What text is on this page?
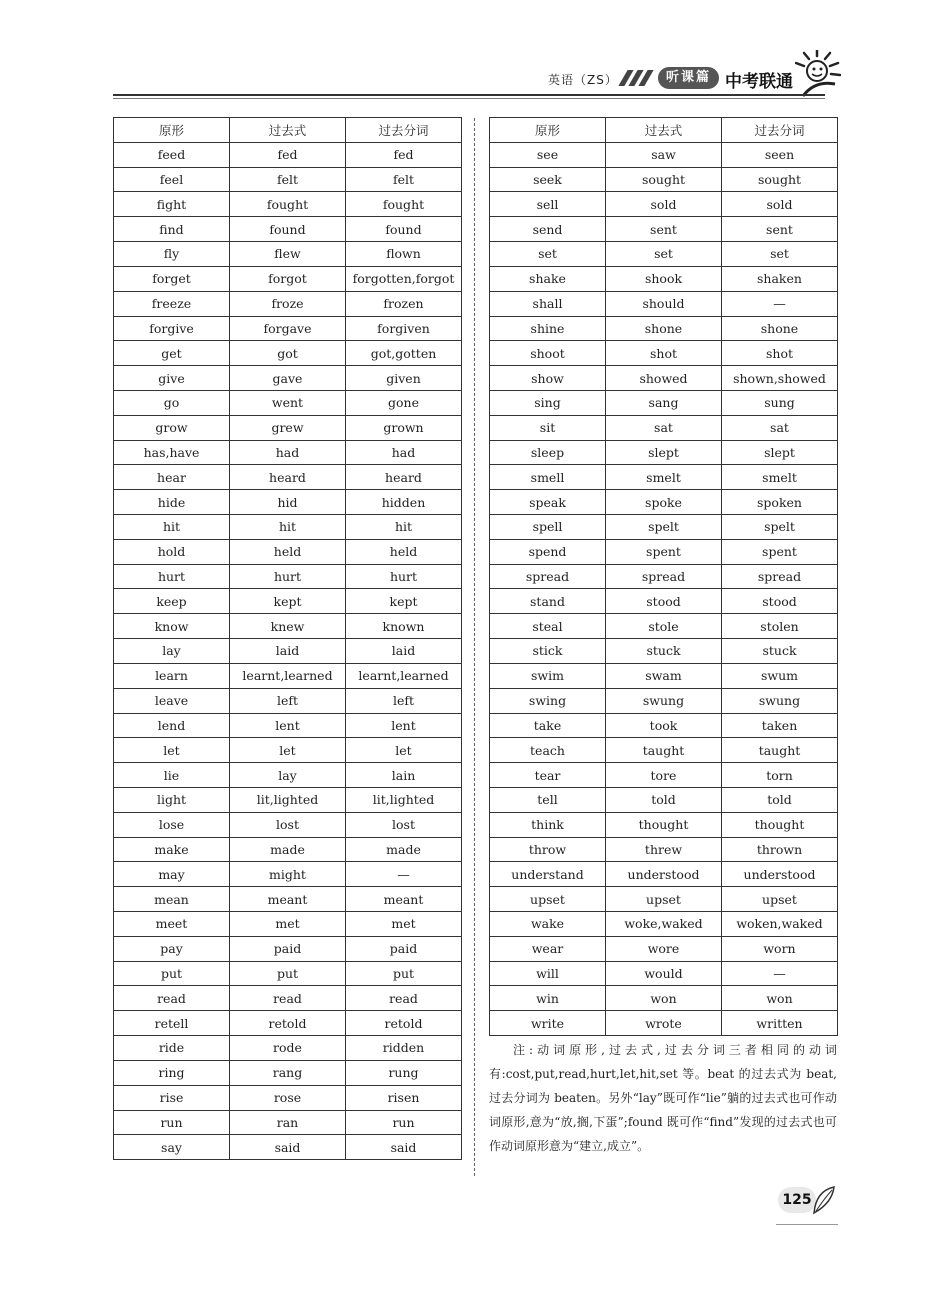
英语（ZS）	听课篇 中考联通
原形	过去式	过去分词
feed	fed	fed
feel	felt	felt
fight	fought	fought
find	found	found
fly	flew	flown
forget	forgot	forgotten,forgot
freeze	froze	frozen
forgive	forgave	forgiven
get	got	got,gotten
give	gave	given
go	went	gone
grow	grew	grown
has,have	had	had
hear	heard	heard
hide	hid	hidden
hit	hit	hit
hold	held	held
hurt	hurt	hurt
keep	kept	kept
know	knew	known
lay	laid	laid
learn	learnt,learned	learnt,learned
leave	left	left
lend	lent	lent
let	let	let
lie	lay	lain
light	lit,lighted	lit,lighted
lose	lost	lost
make	made	made
may	might	—
mean	meant	meant
meet	met	met
pay	paid	paid
put	put	put
read	read	read
retell	retold	retold
ride	rode	ridden
ring	rang	rung
rise	rose	risen
run	ran	run
say	said	said
原形	过去式	过去分词
see	saw	seen
seek	sought	sought
sell	sold	sold
send	sent	sent
set	set	set
shake	shook	shaken
shall	should	—
shine	shone	shone
shoot	shot	shot
show	showed	shown,showed
sing	sang	sung
sit	sat	sat
sleep	slept	slept
smell	smelt	smelt
speak	spoke	spoken
spell	spelt	spelt
spend	spent	spent
spread	spread	spread
stand	stood	stood
steal	stole	stolen
stick	stuck	stuck
swim	swam	swum
swing	swung	swung
take	took	taken
teach	taught	taught
tear	tore	torn
tell	told	told
think	thought	thought
throw	threw	thrown
understand	understood	understood
upset	upset	upset
wake	woke,waked	woken,waked
wear	wore	worn
will	would	—
win	won	won
write	wrote	written

注:动词原形,过去式,过去分词三者相同的动词有:cost,put,read,hurt,let,hit,set 等。beat 的过去式为 beat,过去分词为 beaten。另外“lay”既可作“lie”躺的过去式也可作动词原形,意为“放,搁,下蛋”;found 既可作“find”发现的过去式也可作动词原形意为“建立,成立”。

125
